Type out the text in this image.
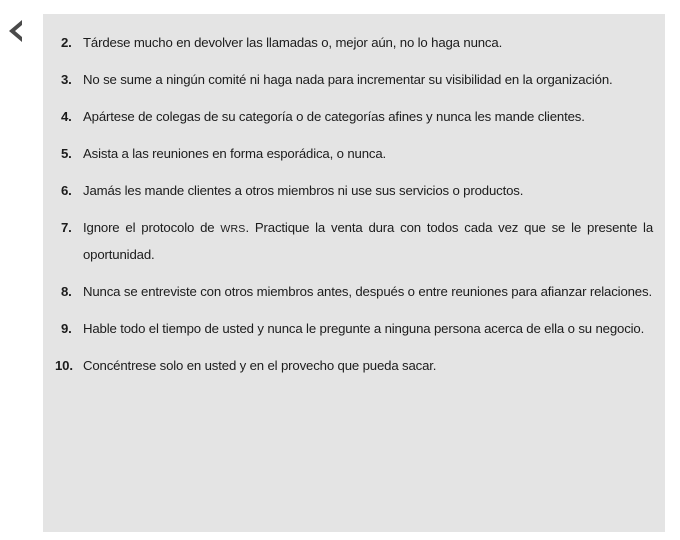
2. Tárdese mucho en devolver las llamadas o, mejor aún, no lo haga nunca.
3. No se sume a ningún comité ni haga nada para incrementar su visibilidad en la organización.
4. Apártese de colegas de su categoría o de categorías afines y nunca les mande clientes.
5. Asista a las reuniones en forma esporádica, o nunca.
6. Jamás les mande clientes a otros miembros ni use sus servicios o productos.
7. Ignore el protocolo de WRS. Practique la venta dura con todos cada vez que se le presente la oportunidad.
8. Nunca se entreviste con otros miembros antes, después o entre reuniones para afianzar relaciones.
9. Hable todo el tiempo de usted y nunca le pregunte a ninguna persona acerca de ella o su negocio.
10. Concéntrese solo en usted y en el provecho que pueda sacar.
